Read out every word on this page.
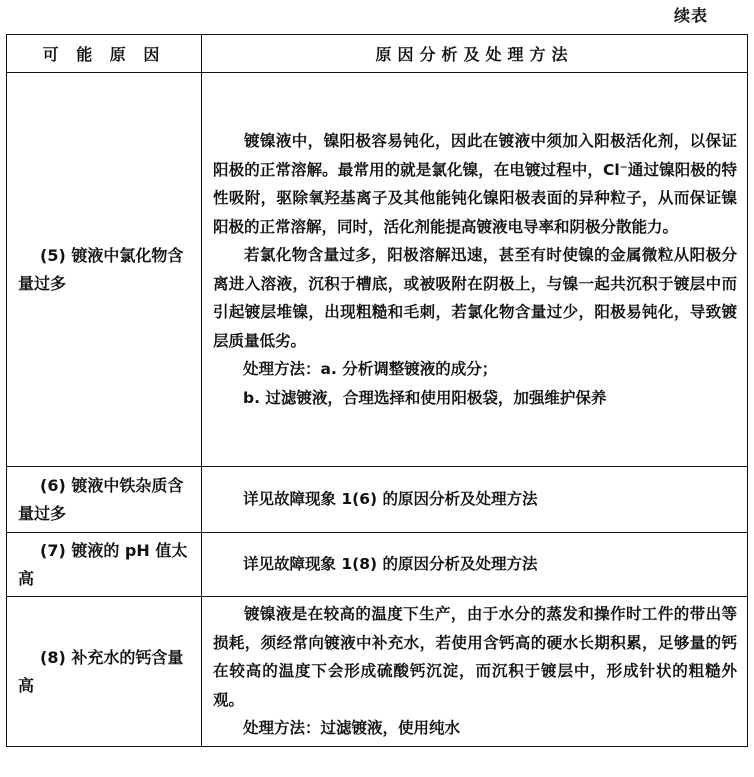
续表
可 能 原 因	原因分析及处理方法
(5) 镀液中氯化物含量过多	镀镍液中，镍阳极容易钝化，因此在镀液中须加入阳极活化剂，以保证阳极的正常溶解。最常用的就是氯化镍，在电镀过程中，Cl⁻通过镍阳极的特性吸附，驱除氧羟基离子及其他能钝化镍阳极表面的异种粒子，从而保证镍阳极的正常溶解，同时，活化剂能提高镀液电导率和阴极分散能力。

若氯化物含量过多，阳极溶解迅速，甚至有时使镍的金属微粒从阳极分离进入溶液，沉积于槽底，或被吸附在阴极上，与镍一起共沉积于镀层中而引起镀层堆镍，出现粗糙和毛刺，若氯化物含量过少，阳极易钝化，导致镀层质量低劣。

处理方法：a. 分析调整镀液的成分；

b. 过滤镀液，合理选择和使用阳极袋，加强维护保养

(6) 镀液中铁杂质含量过多	详见故障现象 1(6) 的原因分析及处理方法

(7) 镀液的 pH 值太高	详见故障现象 1(8) 的原因分析及处理方法

(8) 补充水的钙含量高	镀镍液是在较高的温度下生产，由于水分的蒸发和操作时工件的带出等损耗，须经常向镀液中补充水，若使用含钙高的硬水长期积累，足够量的钙在较高的温度下会形成硫酸钙沉淀，而沉积于镀层中，形成针状的粗糙外观。

处理方法：过滤镀液，使用纯水
